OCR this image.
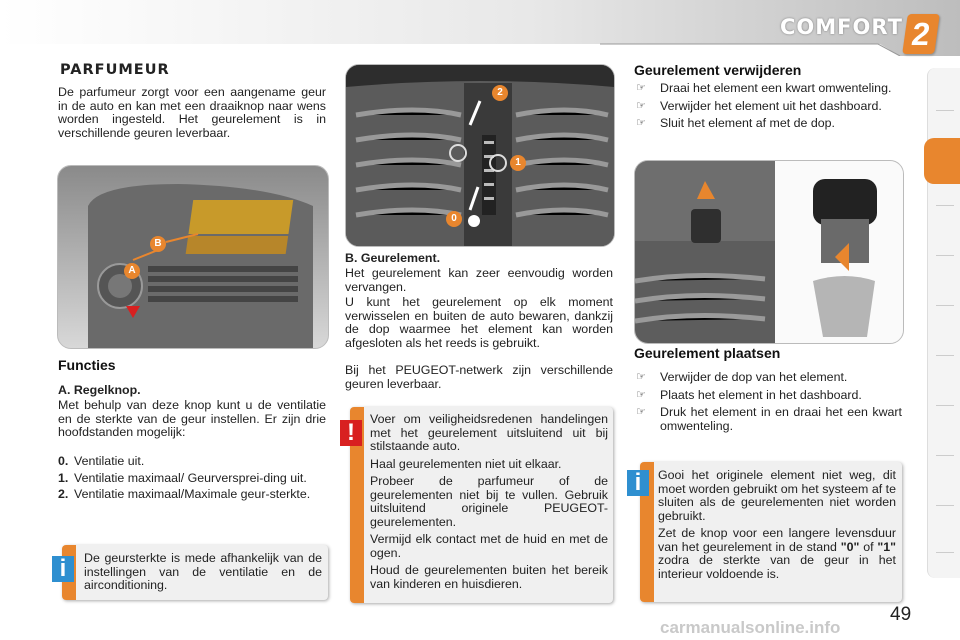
COMFORT 2
PARFUMEUR

De parfumeur zorgt voor een aangename geur in de auto en kan met een draaiknop naar wens worden ingesteld. Het geurelement is in verschillende geuren leverbaar.

A
B
Functies
A. Regelknop.

Met behulp van deze knop kunt u de ventilatie en de sterkte van de geur instellen. Er zijn drie hoofdstanden mogelijk:

0. Ventilatie uit.
1. Ventilatie maximaal/ Geurversprei-ding uit.
2. Ventilatie maximaal/Maximale geur-sterkte.

De geursterkte is mede afhankelijk van de instellingen van de ventilatie en de airconditioning.

i
2
1
0
B. Geurelement.

Het geurelement kan zeer eenvoudig worden vervangen.

U kunt het geurelement op elk moment verwisselen en buiten de auto bewaren, dankzij de dop waarmee het element kan worden afgesloten als het reeds is gebruikt.

Bij het PEUGEOT-netwerk zijn verschillende geuren leverbaar.

Voer om veiligheidsredenen handelingen met het geurelement uitsluitend uit bij stilstaande auto.

Haal geurelementen niet uit elkaar.

Probeer de parfumeur of de geurelementen niet bij te vullen. Gebruik uitsluitend originele PEUGEOT-geurelementen.

Vermijd elk contact met de huid en met de ogen.

Houd de geurelementen buiten het bereik van kinderen en huisdieren.

!
Geurelement verwijderen
☞ Draai het element een kwart omwenteling.
☞ Verwijder het element uit het dashboard.
☞ Sluit het element af met de dop.
Geurelement plaatsen
☞ Verwijder de dop van het element.
☞ Plaats het element in het dashboard.
☞ Druk het element in en draai het een kwart omwenteling.

Gooi het originele element niet weg, dit moet worden gebruikt om het systeem af te sluiten als de geurelementen niet worden gebruikt.

Zet de knop voor een langere levensduur van het geurelement in de stand "0" of "1" zodra de sterkte van de geur in het interieur voldoende is.

i
49
carmanualsonline.info
